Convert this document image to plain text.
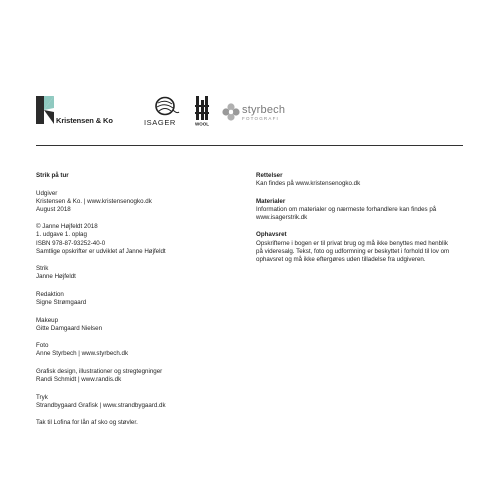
Kristensen & Ko	ISAGER	WOOL
styrbech
FOTOGRAFI
Strik på tur
Udgiver
Kristensen & Ko. | www.kristensenogko.dk
August 2018
© Janne Højfeldt 2018
1. udgave 1. oplag
ISBN 978-87-93252-40-0
Samtlige opskrifter er udviklet af Janne Højfeldt
Strik
Janne Højfeldt
Redaktion
Signe Strømgaard
Makeup
Gitte Damgaard Nielsen
Foto
Anne Styrbech | www.styrbech.dk
Grafisk design, illustrationer og stregtegninger
Randi Schmidt | www.randis.dk
Tryk
Strandbygaard Grafisk | www.strandbygaard.dk
Tak til Lofina for lån af sko og støvler.
Rettelser
Kan findes på www.kristensenogko.dk
Materialer
Information om materialer og nærmeste forhandlere kan findes på
www.isagerstrik.dk
Ophavsret
Opskrifterne i bogen er til privat brug og må ikke benyttes med henblik
på videresalg. Tekst, foto og udformning er beskyttet i forhold til lov om
ophavsret og må ikke eftergøres uden tilladelse fra udgiveren.
